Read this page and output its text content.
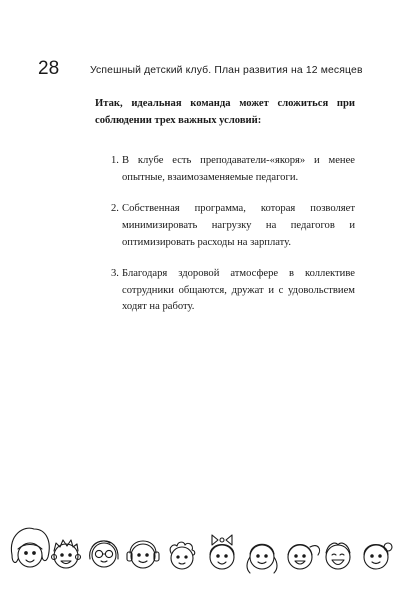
28	Успешный детский клуб. План развития на 12 месяцев

Итак, идеальная команда может сложиться при соблюдении трех важных условий:

1. В клубе есть преподаватели-«якоря» и менее опытные, взаимозаменяемые педагоги.
2. Собственная программа, которая позволяет минимизировать нагрузку на педагогов и оптимизировать расходы на зарплату.
3. Благодаря здоровой атмосфере в коллективе сотрудники общаются, дружат и с удовольствием ходят на работу.
